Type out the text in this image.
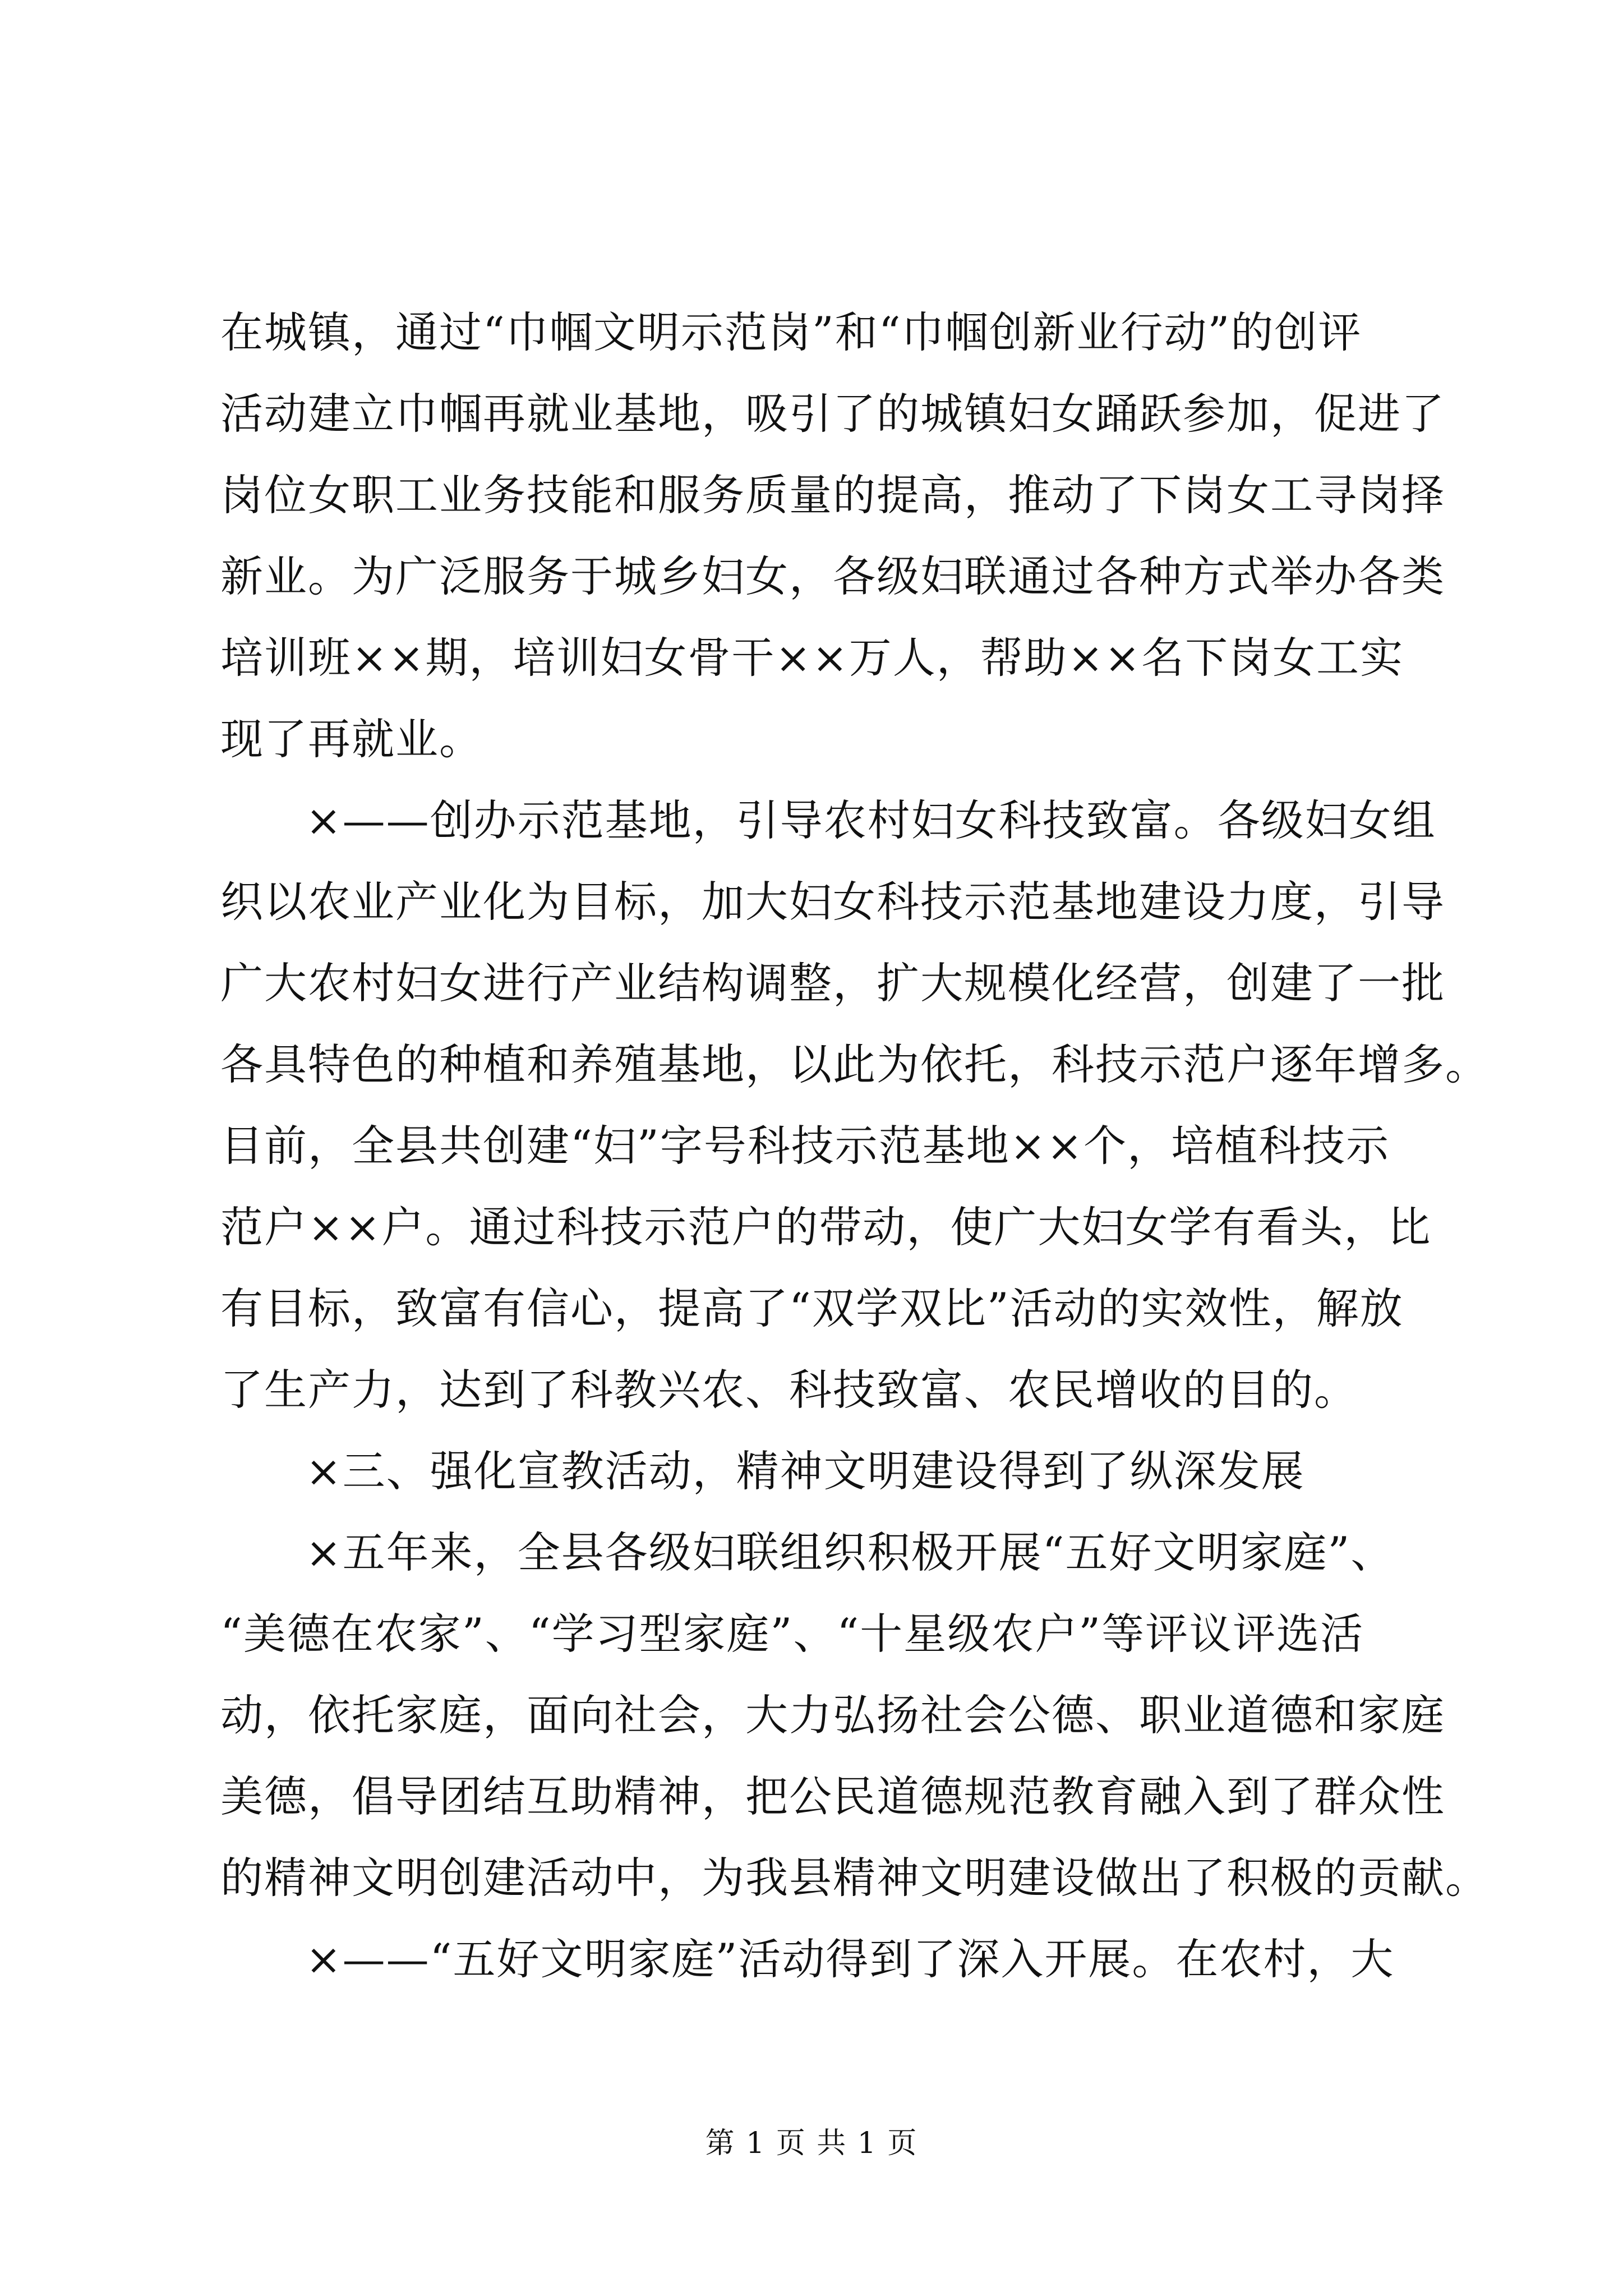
在城镇，通过“巾帼文明示范岗”和“巾帼创新业行动”的创评
活动建立巾帼再就业基地，吸引了的城镇妇女踊跃参加，促进了
岗位女职工业务技能和服务质量的提高，推动了下岗女工寻岗择
新业。为广泛服务于城乡妇女，各级妇联通过各种方式举办各类
培训班××期，培训妇女骨干××万人，帮助××名下岗女工实
现了再就业。
×——创办示范基地，引导农村妇女科技致富。各级妇女组
织以农业产业化为目标，加大妇女科技示范基地建设力度，引导
广大农村妇女进行产业结构调整，扩大规模化经营，创建了一批
各具特色的种植和养殖基地，以此为依托，科技示范户逐年增多。
目前，全县共创建“妇”字号科技示范基地××个，培植科技示
范户××户。通过科技示范户的带动，使广大妇女学有看头，比
有目标，致富有信心，提高了“双学双比”活动的实效性，解放
了生产力，达到了科教兴农、科技致富、农民增收的目的。
×三、强化宣教活动，精神文明建设得到了纵深发展
×五年来，全县各级妇联组织积极开展“五好文明家庭”、
“美德在农家”、“学习型家庭”、“十星级农户”等评议评选活
动，依托家庭，面向社会，大力弘扬社会公德、职业道德和家庭
美德，倡导团结互助精神，把公民道德规范教育融入到了群众性
的精神文明创建活动中，为我县精神文明建设做出了积极的贡献。
×——“五好文明家庭”活动得到了深入开展。在农村，大
第 1 页 共 1 页
